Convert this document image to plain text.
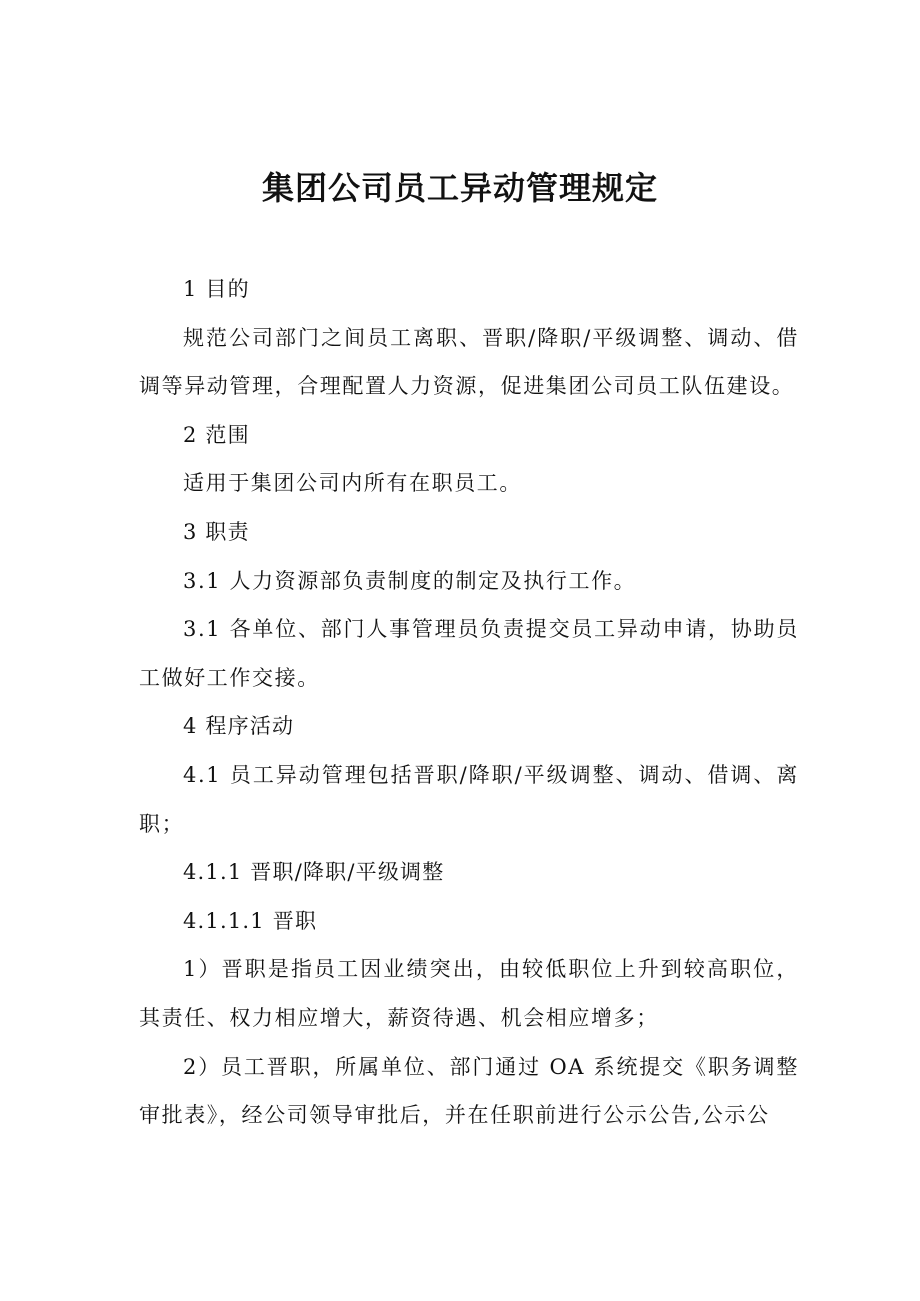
集团公司员工异动管理规定

1 目的

规范公司部门之间员工离职、晋职/降职/平级调整、调动、借调等异动管理，合理配置人力资源，促进集团公司员工队伍建设。

2 范围

适用于集团公司内所有在职员工。

3 职责

3.1 人力资源部负责制度的制定及执行工作。

3.1 各单位、部门人事管理员负责提交员工异动申请，协助员工做好工作交接。

4 程序活动

4.1 员工异动管理包括晋职/降职/平级调整、调动、借调、离职；

4.1.1 晋职/降职/平级调整

4.1.1.1 晋职

1）晋职是指员工因业绩突出，由较低职位上升到较高职位，其责任、权力相应增大，薪资待遇、机会相应增多；

2）员工晋职，所属单位、部门通过 OA 系统提交《职务调整审批表》，经公司领导审批后，并在任职前进行公示公告,公示公
